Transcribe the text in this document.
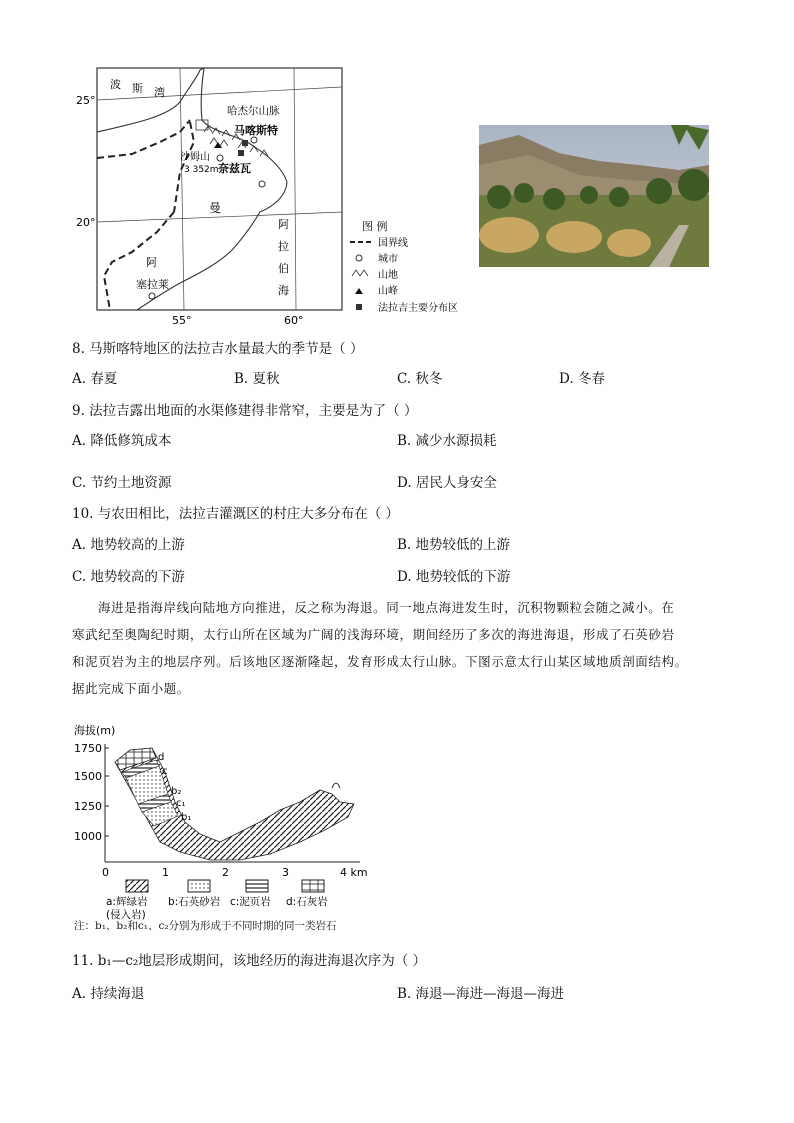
25°
20°
55°	60°
波 斯 湾
哈杰尔山脉
马喀斯特
沙姆山
3 352m 奈兹瓦
曼
阿
拉
伯
海
阿
塞拉莱
图 例
国界线
城市
山地
山峰
法拉吉主要分布区
8. 马斯喀特地区的法拉吉水量最大的季节是（ ）
A. 春夏	B. 夏秋	C. 秋冬	D. 冬春
9. 法拉吉露出地面的水渠修建得非常窄，主要是为了（ ）
A. 降低修筑成本	B. 减少水源损耗
C. 节约土地资源	D. 居民人身安全
10. 与农田相比，法拉吉灌溉区的村庄大多分布在（ ）
A. 地势较高的上游	B. 地势较低的上游
C. 地势较高的下游	D. 地势较低的下游
海进是指海岸线向陆地方向推进，反之称为海退。同一地点海进发生时，沉积物颗粒会随之减小。在
寒武纪至奥陶纪时期，太行山所在区域为广阔的浅海环境，期间经历了多次的海进海退，形成了石英砂岩
和泥页岩为主的地层序列。后该地区逐渐隆起，发育形成太行山脉。下图示意太行山某区域地质剖面结构。
据此完成下面小题。
海拔(m)
1750
1500
1250
1000
d
c
b₂
c₁
b₁
0	1	2	3	4 km
a:辉绿岩 b:石英砂岩 c:泥页岩 d:石灰岩
(侵入岩)
注：b₁、b₂和c₁、c₂分别为形成于不同时期的同一类岩石
11. b₁—c₂地层形成期间，该地经历的海进海退次序为（ ）
A. 持续海退	B. 海退—海进—海退—海进
